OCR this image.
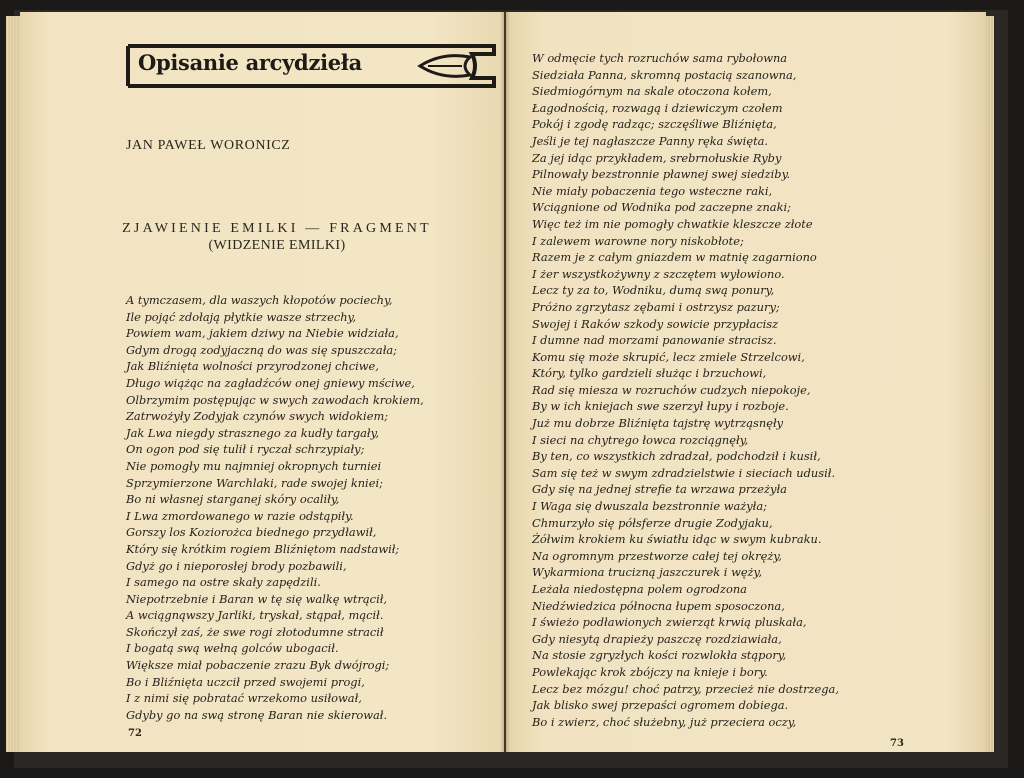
Opisanie arcydzieła
JAN PAWEŁ WORONICZ
ZJAWIENIE EMILKI — FRAGMENT
(WIDZENIE EMILKI)
A tymczasem, dla waszych kłopotów pociechy,
Ile pojąć zdołają płytkie wasze strzechy,
Powiem wam, jakiem dziwy na Niebie widziała,
Gdym drogą zodyjaczną do was się spuszczała;
Jak Bliźnięta wolności przyrodzonej chciwe,
Długo wiążąc na zagładźców onej gniewy mściwe,
Olbrzymim postępując w swych zawodach krokiem,
Zatrwożyły Zodyjak czynów swych widokiem;
Jak Lwa niegdy strasznego za kudły targały,
On ogon pod się tulił i ryczał schrzypiały;
Nie pomogły mu najmniej okropnych turniei
Sprzymierzone Warchlaki, rade swojej kniei;
Bo ni własnej starganej skóry ocaliły,
I Lwa zmordowanego w razie odstąpiły.
Gorszy los Koziorożca biednego przydławił,
Który się krótkim rogiem Bliźniętom nadstawił;
Gdyż go i nieporosłej brody pozbawili,
I samego na ostre skały zapędzili.
Niepotrzebnie i Baran w tę się walkę wtrącił,
A wciągnąwszy Jarliki, tryskał, stąpał, mącił.
Skończył zaś, że swe rogi złotodumne stracił
I bogatą swą wełną golców ubogacił.
Większe miał pobaczenie zrazu Byk dwójrogi;
Bo i Bliźnięta uczcił przed swojemi progi,
I z nimi się pobratać wrzekomo usiłował,
Gdyby go na swą stronę Baran nie skierował.
72
W odmęcie tych rozruchów sama rybołowna
Siedziała Panna, skromną postacią szanowna,
Siedmiogórnym na skale otoczona kołem,
Łagodnością, rozwagą i dziewiczym czołem
Pokój i zgodę radząc; szczęśliwe Bliźnięta,
Jeśli je tej nagłaszcze Panny ręka święta.
Za jej idąc przykładem, srebrnołuskie Ryby
Pilnowały bezstronnie pławnej swej siedziby.
Nie miały pobaczenia tego wsteczne raki,
Wciągnione od Wodnika pod zaczepne znaki;
Więc też im nie pomogły chwatkie kleszcze złote
I zalewem warowne nory niskobłote;
Razem je z całym gniazdem w matnię zagarniono
I żer wszystkożywny z szczętem wyłowiono.
Lecz ty za to, Wodniku, dumą swą ponury,
Próżno zgrzytasz zębami i ostrzysz pazury;
Swojej i Raków szkody sowicie przypłacisz
I dumne nad morzami panowanie stracisz.
Komu się może skrupić, lecz zmiele Strzelcowi,
Który, tylko gardzieli służąc i brzuchowi,
Rad się miesza w rozruchów cudzych niepokoje,
By w ich kniejach swe szerzył łupy i rozboje.
Już mu dobrze Bliźnięta tajstrę wytrząsnęły
I sieci na chytrego łowca rozciągnęły,
By ten, co wszystkich zdradzał, podchodził i kusił,
Sam się też w swym zdradzielstwie i sieciach udusił.
Gdy się na jednej strefie ta wrzawa przeżyła
I Waga się dwuszala bezstronnie ważyła;
Chmurzyło się półsferze drugie Zodyjaku,
Żółwim krokiem ku światłu idąc w swym kubraku.
Na ogromnym przestworze całej tej okręży,
Wykarmiona trucizną jaszczurek i węży,
Leżała niedostępna polem ogrodzona
Niedźwiedzica północna łupem sposoczona,
I świeżo podławionych zwierząt krwią pluskała,
Gdy niesytą drapieży paszczę rozdziawiała,
Na stosie zgryzłych kości rozwlokła stąpory,
Powlekając krok zbójczy na knieje i bory.
Lecz bez mózgu! choć patrzy, przecież nie dostrzega,
Jak blisko swej przepaści ogromem dobiega.
Bo i zwierz, choć służebny, już przeciera oczy,
73
